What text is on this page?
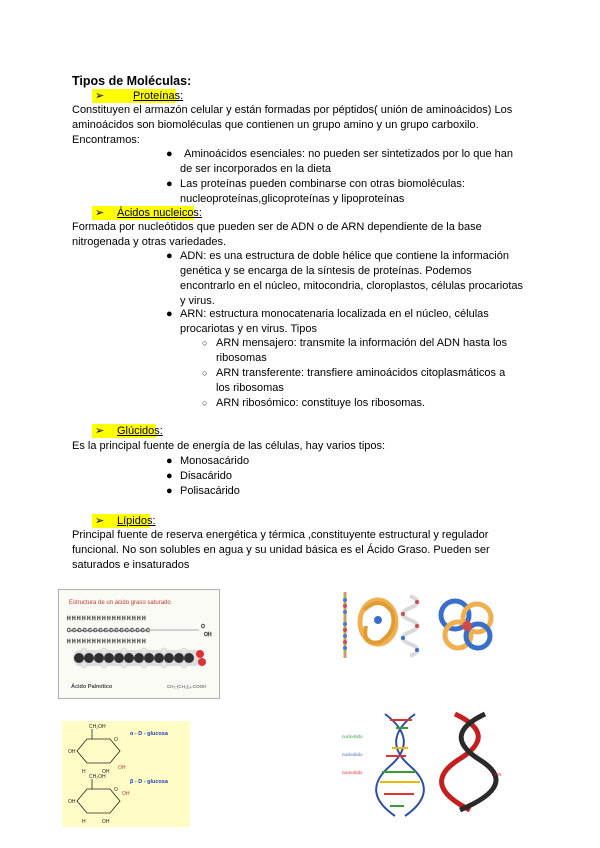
Tipos de Moléculas:
➢	Proteínas:

Constituyen el armazón celular y están formadas por péptidos( unión de aminoácidos) Los

aminoácidos son biomoléculas que contienen un grupo amino y un grupo carboxilo.

Encontramos:

●	Aminoácidos esenciales: no pueden ser sintetizados por lo que han
de ser incorporados en la dieta
● Las proteínas pueden combinarse con otras biomoléculas:
nucleoproteínas,glicoproteínas y lipoproteínas
➢ Ácidos nucleicos:

Formada por nucleótidos que pueden ser de ADN o de ARN dependiente de la base

nitrogenada y otras variedades.

● ADN: es una estructura de doble hélice que contiene la información
genética y se encarga de la síntesis de proteínas. Podemos
encontrarlo en el núcleo, mitocondria, cloroplastos, células procariotas
y virus.
● ARN: estructura monocatenaria localizada en el núcleo, células
procariotas y en virus. Tipos
○ ARN mensajero: transmite la información del ADN hasta los
ribosomas
○ ARN transferente: transfiere aminoácidos citoplasmáticos a
los ribosomas
○ ARN ribosómico: constituye los ribosomas.
➢ Glúcidos:

Es la principal fuente de energía de las células, hay varios tipos:

● Monosacárido
● Disacárido
● Polisacárido
➢ Lípidos:

Principal fuente de reserva energética y térmica ,constituyente estructural y regulador

funcional. No son solubles en agua y su unidad básica es el Ácido Graso. Pueden ser

saturados e insaturados

Estructura de un ácido graso saturado
H H H H H H H H H H H H H H H H
C-C-C-C-C-C-C-C-C-C-C-C-C-C-C-C
H H H H H H H H H H H H H H H H
O
OH
Ácido Palmítico	CH₃-(CH₂)₁₄-COOH
CH₂OH
O
OH
OH
H	OH
α - D - glucosa
CH₂OH
O
OH
OH
H	OH
β - D - glucosa
nucleótido
nucleótido
nucleótido	ARN
